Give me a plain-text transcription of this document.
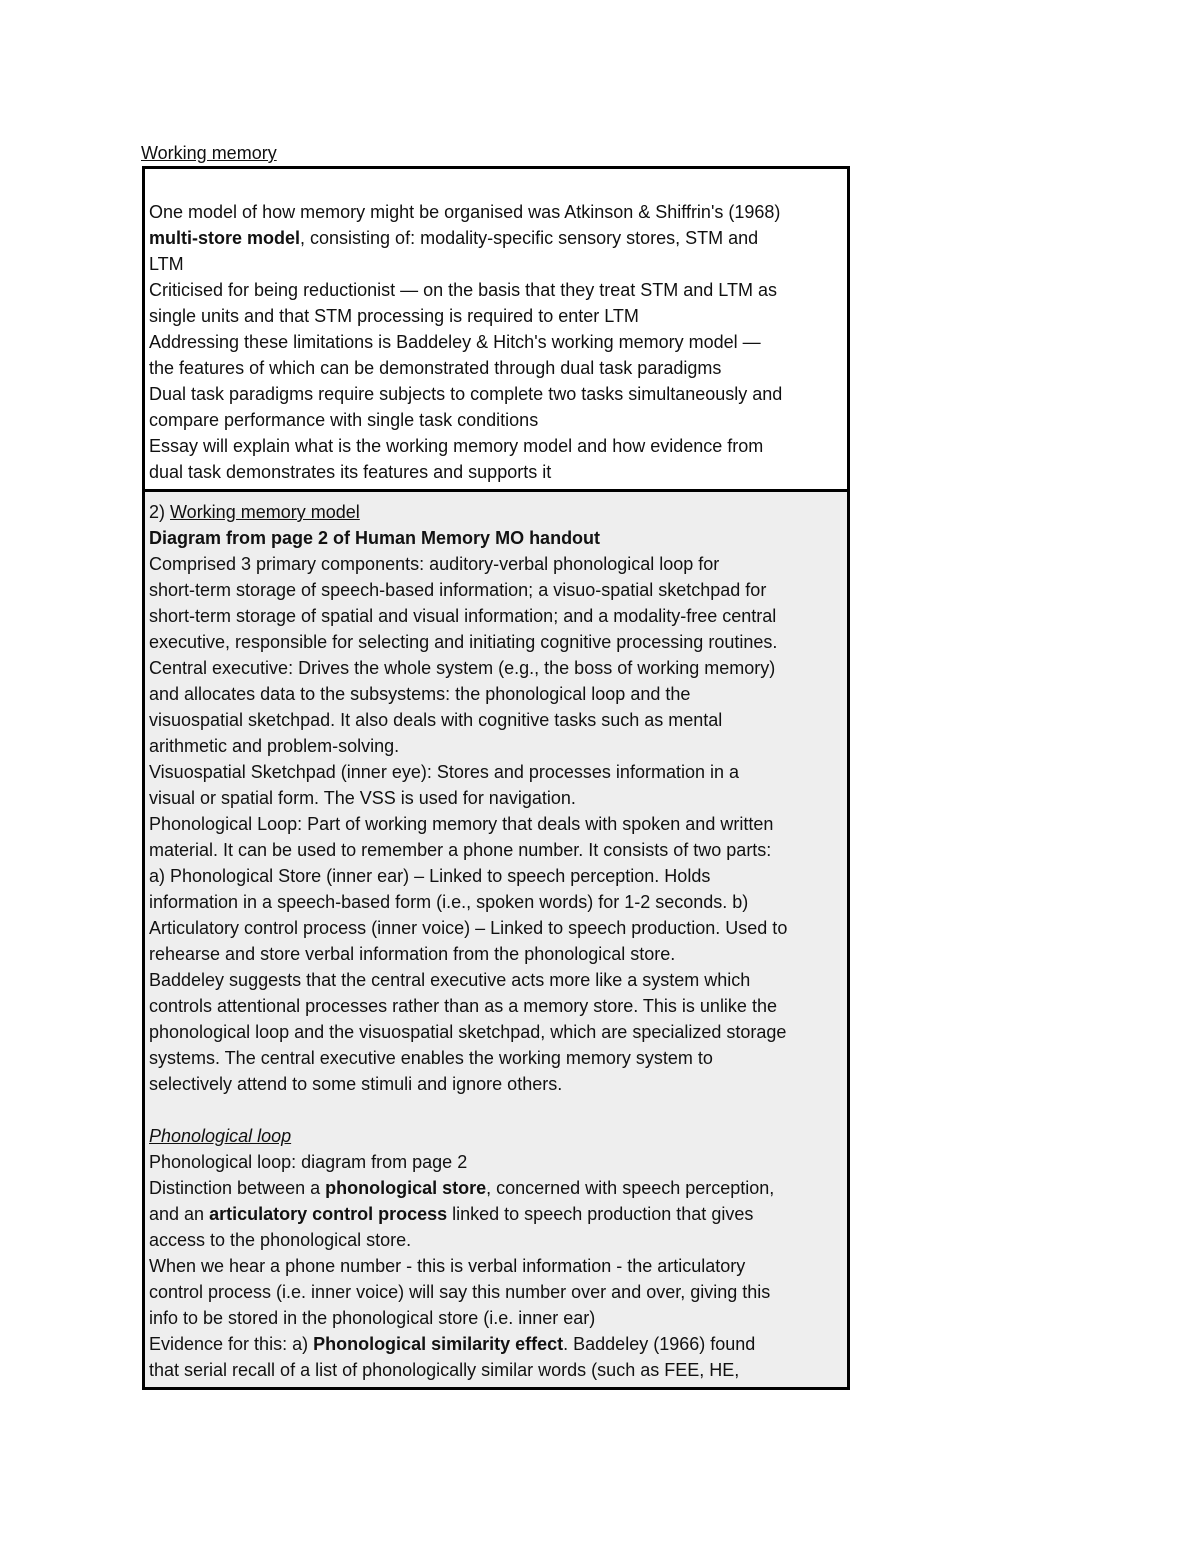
Working memory
One model of how memory might be organised was Atkinson & Shiffrin's (1968)
multi-store model, consisting of: modality-specific sensory stores, STM and
LTM
Criticised for being reductionist — on the basis that they treat STM and LTM as
single units and that STM processing is required to enter LTM
Addressing these limitations is Baddeley & Hitch's working memory model —
the features of which can be demonstrated through dual task paradigms
Dual task paradigms require subjects to complete two tasks simultaneously and
compare performance with single task conditions
Essay will explain what is the working memory model and how evidence from
dual task demonstrates its features and supports it
2) Working memory model
Diagram from page 2 of Human Memory MO handout
Comprised 3 primary components: auditory-verbal phonological loop for
short-term storage of speech-based information; a visuo-spatial sketchpad for
short-term storage of spatial and visual information; and a modality-free central
executive, responsible for selecting and initiating cognitive processing routines.
Central executive: Drives the whole system (e.g., the boss of working memory)
and allocates data to the subsystems: the phonological loop and the
visuospatial sketchpad. It also deals with cognitive tasks such as mental
arithmetic and problem-solving.
Visuospatial Sketchpad (inner eye): Stores and processes information in a
visual or spatial form. The VSS is used for navigation.
Phonological Loop: Part of working memory that deals with spoken and written
material. It can be used to remember a phone number. It consists of two parts:
a) Phonological Store (inner ear) – Linked to speech perception. Holds
information in a speech-based form (i.e., spoken words) for 1-2 seconds. b)
Articulatory control process (inner voice) – Linked to speech production. Used to
rehearse and store verbal information from the phonological store.
Baddeley suggests that the central executive acts more like a system which
controls attentional processes rather than as a memory store. This is unlike the
phonological loop and the visuospatial sketchpad, which are specialized storage
systems. The central executive enables the working memory system to
selectively attend to some stimuli and ignore others.
Phonological loop
Phonological loop: diagram from page 2
Distinction between a phonological store, concerned with speech perception,
and an articulatory control process linked to speech production that gives
access to the phonological store.
When we hear a phone number - this is verbal information - the articulatory
control process (i.e. inner voice) will say this number over and over, giving this
info to be stored in the phonological store (i.e. inner ear)
Evidence for this: a) Phonological similarity effect. Baddeley (1966) found
that serial recall of a list of phonologically similar words (such as FEE, HE,
